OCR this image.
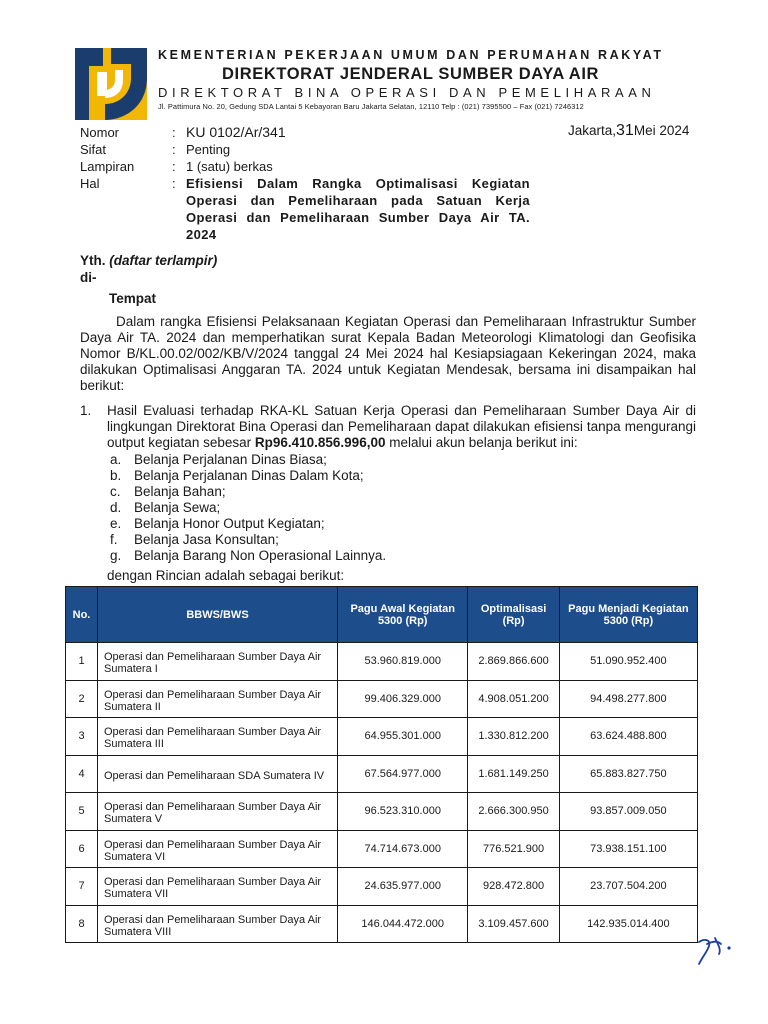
KEMENTERIAN PEKERJAAN UMUM DAN PERUMAHAN RAKYAT
DIREKTORAT JENDERAL SUMBER DAYA AIR
DIREKTORAT BINA OPERASI DAN PEMELIHARAAN
Jl. Pattimura No. 20, Gedung SDA Lantai 5 Kebayoran Baru Jakarta Selatan, 12110 Telp : (021) 7395500 – Fax (021) 7246312
Nomor	: KU 0102/Ar/341
Sifat	: Penting
Lampiran	: 1 (satu) berkas
Hal	: Efisiensi Dalam Rangka Optimalisasi Kegiatan Operasi dan Pemeliharaan pada Satuan Kerja Operasi dan Pemeliharaan Sumber Daya Air TA. 2024
Jakarta,31Mei 2024
Yth. (daftar terlampir)
di-
Tempat
Dalam rangka Efisiensi Pelaksanaan Kegiatan Operasi dan Pemeliharaan Infrastruktur Sumber Daya Air TA. 2024 dan memperhatikan surat Kepala Badan Meteorologi Klimatologi dan Geofisika Nomor B/KL.00.02/002/KB/V/2024 tanggal 24 Mei 2024 hal Kesiapsiagaan Kekeringan 2024, maka dilakukan Optimalisasi Anggaran TA. 2024 untuk Kegiatan Mendesak, bersama ini disampaikan hal berikut:
1. Hasil Evaluasi terhadap RKA-KL Satuan Kerja Operasi dan Pemeliharaan Sumber Daya Air di lingkungan Direktorat Bina Operasi dan Pemeliharaan dapat dilakukan efisiensi tanpa mengurangi output kegiatan sebesar Rp96.410.856.996,00 melalui akun belanja berikut ini:
a. Belanja Perjalanan Dinas Biasa;
b. Belanja Perjalanan Dinas Dalam Kota;
c. Belanja Bahan;
d. Belanja Sewa;
e. Belanja Honor Output Kegiatan;
f.	Belanja Jasa Konsultan;
g. Belanja Barang Non Operasional Lainnya.
dengan Rincian adalah sebagai berikut:
No.	BBWS/BWS	Pagu Awal Kegiatan 5300 (Rp)	Optimalisasi (Rp)	Pagu Menjadi Kegiatan 5300 (Rp)
1	Operasi dan Pemeliharaan Sumber Daya Air Sumatera I	53.960.819.000	2.869.866.600	51.090.952.400
2	Operasi dan Pemeliharaan Sumber Daya Air Sumatera II	99.406.329.000	4.908.051.200	94.498.277.800
3	Operasi dan Pemeliharaan Sumber Daya Air Sumatera III	64.955.301.000	1.330.812.200	63.624.488.800
4	Operasi dan Pemeliharaan SDA Sumatera IV	67.564.977.000	1.681.149.250	65.883.827.750
5	Operasi dan Pemeliharaan Sumber Daya Air Sumatera V	96.523.310.000	2.666.300.950	93.857.009.050
6	Operasi dan Pemeliharaan Sumber Daya Air Sumatera VI	74.714.673.000	776.521.900	73.938.151.100
7	Operasi dan Pemeliharaan Sumber Daya Air Sumatera VII	24.635.977.000	928.472.800	23.707.504.200
8	Operasi dan Pemeliharaan Sumber Daya Air Sumatera VIII	146.044.472.000	3.109.457.600	142.935.014.400
